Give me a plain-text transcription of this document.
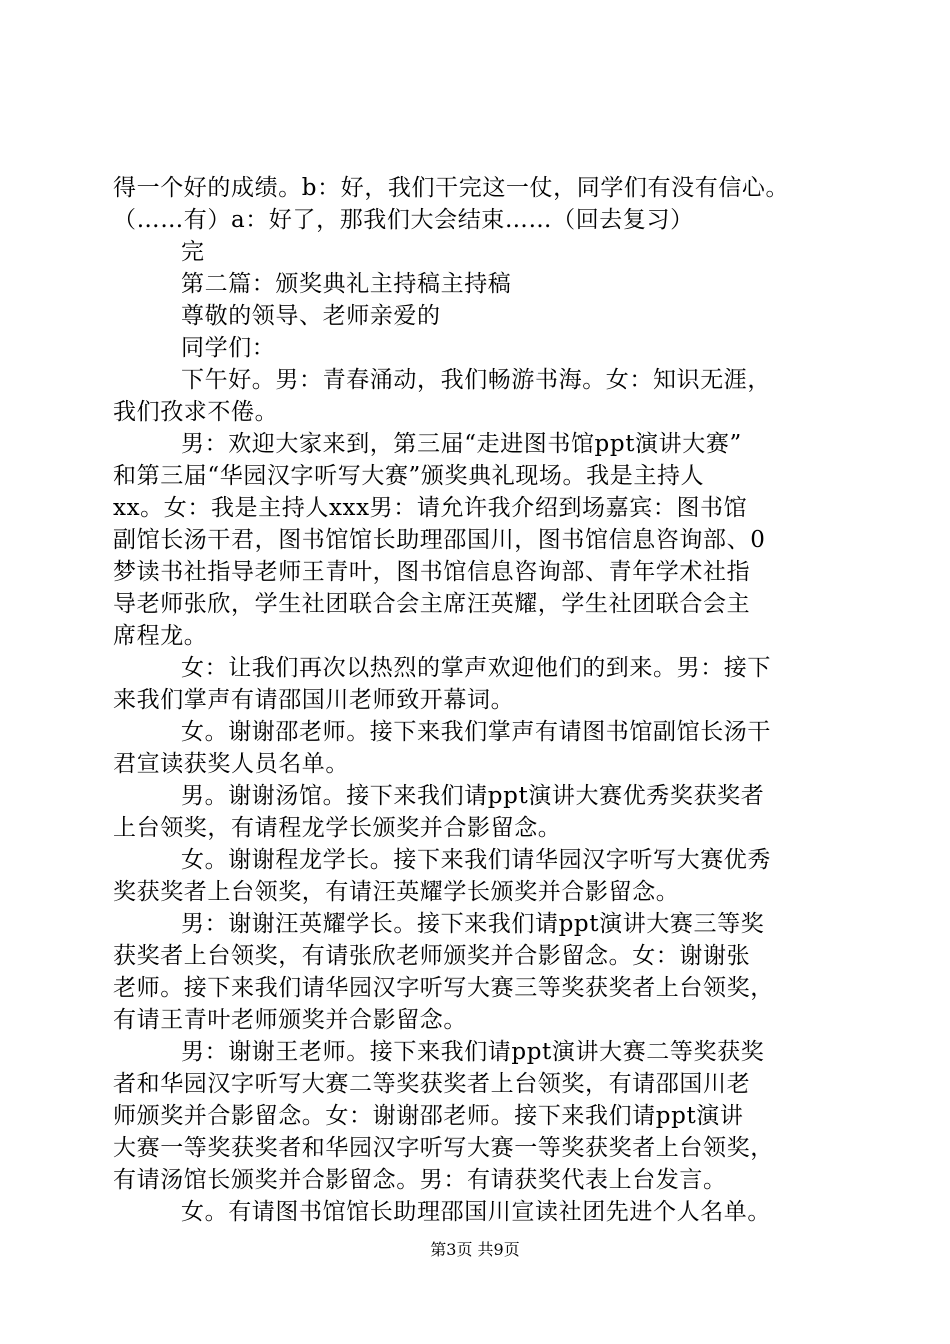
得一个好的成绩。b：好，我们干完这一仗，同学们有没有信心。
（……有）a：好了，那我们大会结束……（回去复习）
完
第二篇：颁奖典礼主持稿主持稿
尊敬的领导、老师亲爱的
同学们：
下午好。男：青春涌动，我们畅游书海。女：知识无涯，
我们孜求不倦。
男：欢迎大家来到，第三届“走进图书馆ppt演讲大赛”
和第三届“华园汉字听写大赛”颁奖典礼现场。我是主持人
xx。女：我是主持人xxx男：请允许我介绍到场嘉宾：图书馆
副馆长汤干君，图书馆馆长助理邵国川，图书馆信息咨询部、0
梦读书社指导老师王青叶，图书馆信息咨询部、青年学术社指
导老师张欣，学生社团联合会主席汪英耀，学生社团联合会主
席程龙。
女：让我们再次以热烈的掌声欢迎他们的到来。男：接下
来我们掌声有请邵国川老师致开幕词。
女。谢谢邵老师。接下来我们掌声有请图书馆副馆长汤干
君宣读获奖人员名单。
男。谢谢汤馆。接下来我们请ppt演讲大赛优秀奖获奖者
上台领奖，有请程龙学长颁奖并合影留念。
女。谢谢程龙学长。接下来我们请华园汉字听写大赛优秀
奖获奖者上台领奖，有请汪英耀学长颁奖并合影留念。
男：谢谢汪英耀学长。接下来我们请ppt演讲大赛三等奖
获奖者上台领奖，有请张欣老师颁奖并合影留念。女：谢谢张
老师。接下来我们请华园汉字听写大赛三等奖获奖者上台领奖，
有请王青叶老师颁奖并合影留念。
男：谢谢王老师。接下来我们请ppt演讲大赛二等奖获奖
者和华园汉字听写大赛二等奖获奖者上台领奖，有请邵国川老
师颁奖并合影留念。女：谢谢邵老师。接下来我们请ppt演讲
大赛一等奖获奖者和华园汉字听写大赛一等奖获奖者上台领奖，
有请汤馆长颁奖并合影留念。男：有请获奖代表上台发言。
女。有请图书馆馆长助理邵国川宣读社团先进个人名单。
第3页 共9页
